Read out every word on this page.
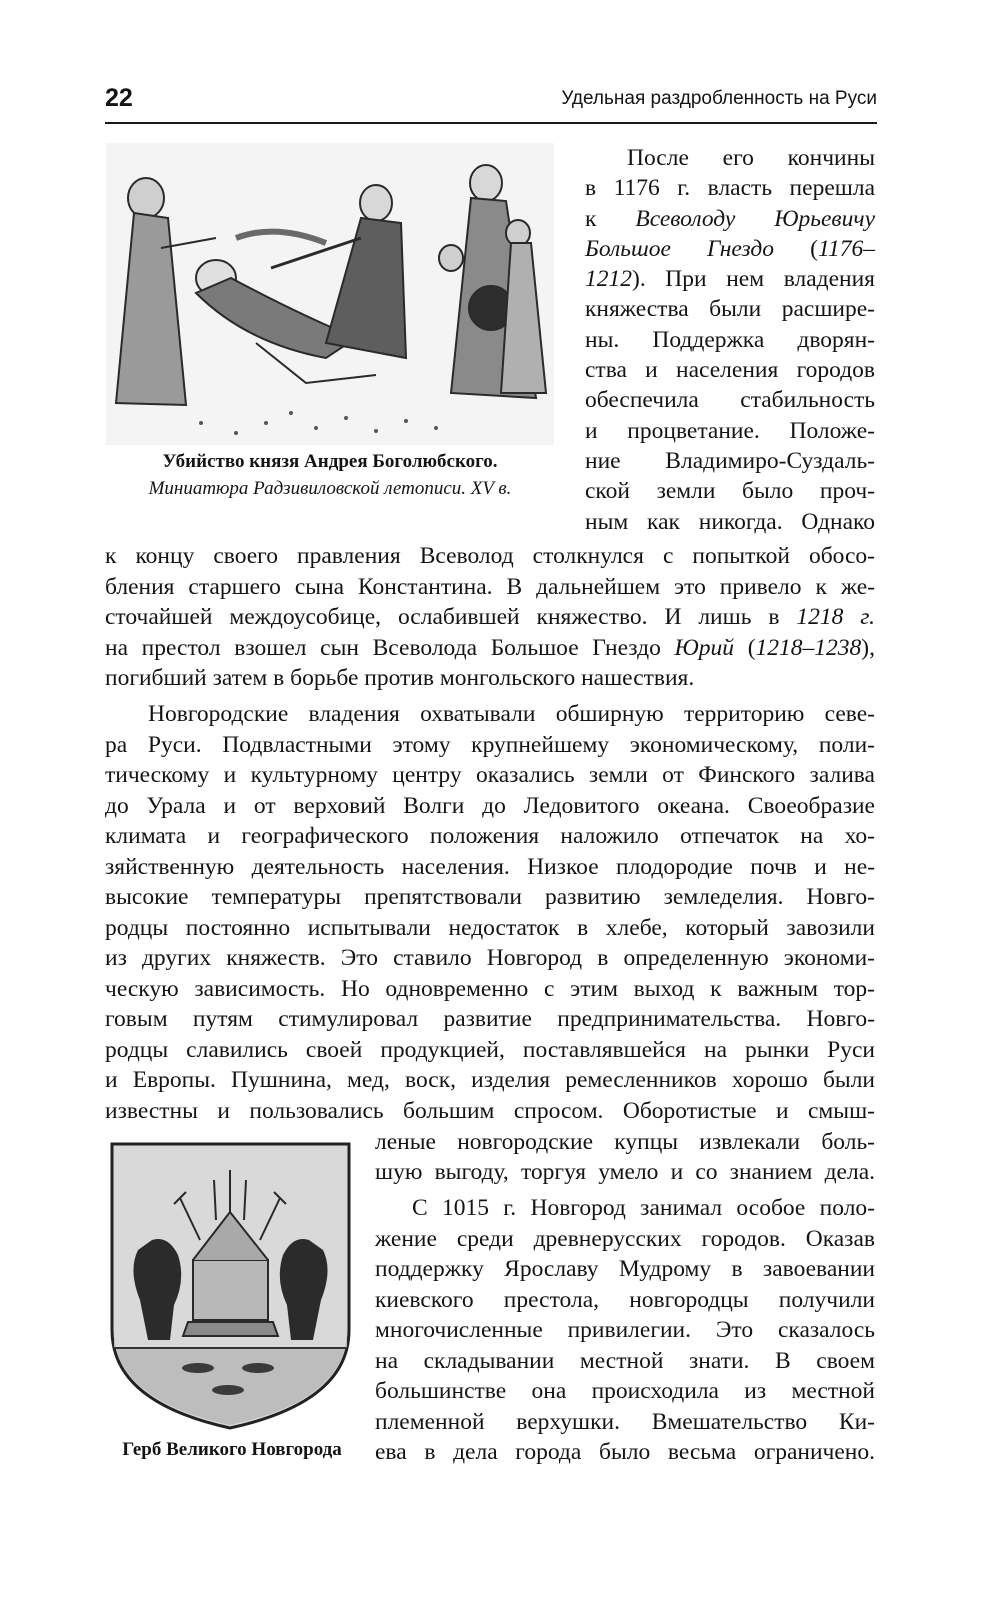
22	Удельная раздробленность на Руси
Убийство князя Андрея Боголюбского.
Миниатюра Радзивиловской летописи. XV в.
После его кончины
в 1176 г. власть перешла
к Всеволоду Юрьевичу
Большое Гнездо (1176–
1212). При нем владения
княжества были расшире-
ны. Поддержка дворян-
ства и населения городов
обеспечила стабильность
и процветание. Положе-
ние Владимиро-Суздаль-
ской земли было проч-
ным как никогда. Однако
к концу своего правления Всеволод столкнулся с попыткой обосо-
бления старшего сына Константина. В дальнейшем это привело к же-
сточайшей междоусобице, ослабившей княжество. И лишь в 1218 г.
на престол взошел сын Всеволода Большое Гнездо Юрий (1218–1238),
погибший затем в борьбе против монгольского нашествия.
Новгородские владения охватывали обширную территорию севе-
ра Руси. Подвластными этому крупнейшему экономическому, поли-
тическому и культурному центру оказались земли от Финского залива
до Урала и от верховий Волги до Ледовитого океана. Своеобразие
климата и географического положения наложило отпечаток на хо-
зяйственную деятельность населения. Низкое плодородие почв и не-
высокие температуры препятствовали развитию земледелия. Новго-
родцы постоянно испытывали недостаток в хлебе, который завозили
из других княжеств. Это ставило Новгород в определенную экономи-
ческую зависимость. Но одновременно с этим выход к важным тор-
говым путям стимулировал развитие предпринимательства. Новго-
родцы славились своей продукцией, поставлявшейся на рынки Руси
и Европы. Пушнина, мед, воск, изделия ремесленников хорошо были
известны и пользовались большим спросом. Оборотистые и смыш-
Герб Великого Новгорода
леные новгородские купцы извлекали боль-
шую выгоду, торгуя умело и со знанием дела.
С 1015 г. Новгород занимал особое поло-
жение среди древнерусских городов. Оказав
поддержку Ярославу Мудрому в завоевании
киевского престола, новгородцы получили
многочисленные привилегии. Это сказалось
на складывании местной знати. В своем
большинстве она происходила из местной
племенной верхушки. Вмешательство Ки-
ева в дела города было весьма ограничено.
